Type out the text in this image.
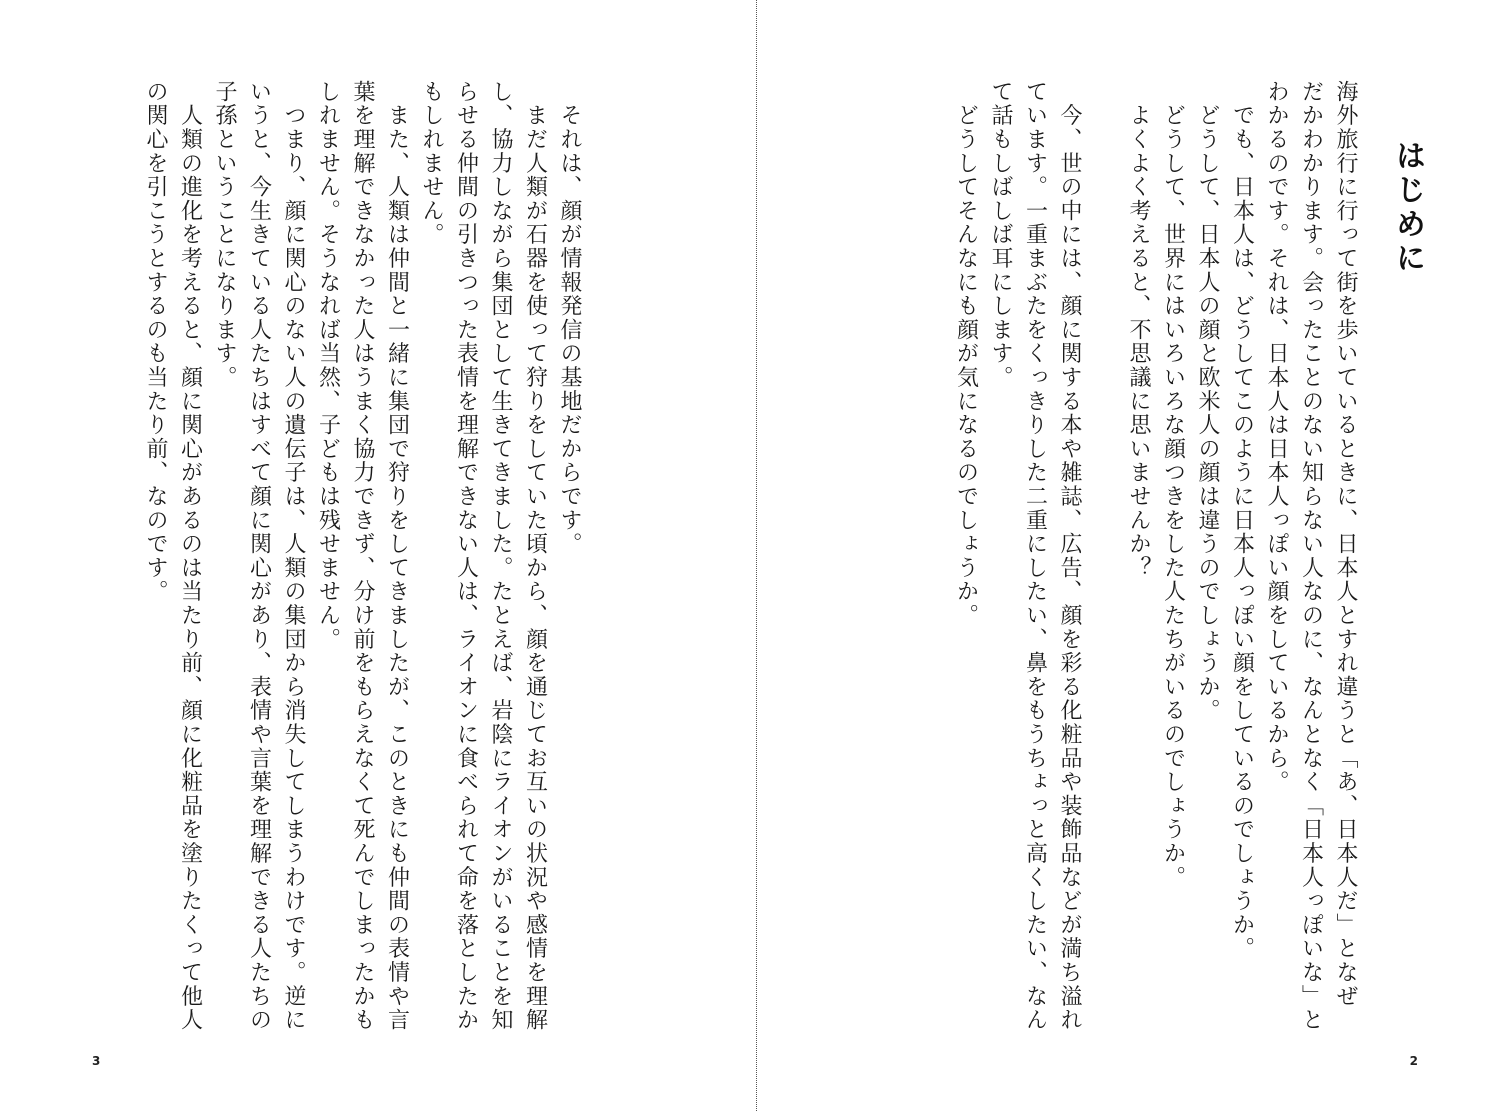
　それは、顔が情報発信の基地だからです。
　まだ人類が石器を使って狩りをしていた頃から、顔を通じてお互いの状況や感情を理解
し、協力しながら集団として生きてきました。たとえば、岩陰にライオンがいることを知
らせる仲間の引きつった表情を理解できない人は、ライオンに食べられて命を落としたか
もしれません。
　また、人類は仲間と一緒に集団で狩りをしてきましたが、このときにも仲間の表情や言
葉を理解できなかった人はうまく協力できず、分け前をもらえなくて死んでしまったかも
しれません。そうなれば当然、子どもは残せません。
　つまり、顔に関心のない人の遺伝子は、人類の集団から消失してしまうわけです。逆に
いうと、今生きている人たちはすべて顔に関心があり、表情や言葉を理解できる人たちの
子孫ということになります。
　人類の進化を考えると、顔に関心があるのは当たり前、顔に化粧品を塗りたくって他人
の関心を引こうとするのも当たり前、なのです。
3
はじめに
海外旅行に行って街を歩いているときに、日本人とすれ違うと「あ、日本人だ」となぜ
だかわかります。会ったことのない知らない人なのに、なんとなく「日本人っぽいな」と
わかるのです。それは、日本人は日本人っぽい顔をしているから。
　でも、日本人は、どうしてこのように日本人っぽい顔をしているのでしょうか。
　どうして、日本人の顔と欧米人の顔は違うのでしょうか。
　どうして、世界にはいろいろな顔つきをした人たちがいるのでしょうか。
　よくよく考えると、不思議に思いませんか？

　今、世の中には、顔に関する本や雑誌、広告、顔を彩る化粧品や装飾品などが満ち溢れ
ています。一重まぶたをくっきりした二重にしたい、鼻をもうちょっと高くしたい、なん
て話もしばしば耳にします。
　どうしてそんなにも顔が気になるのでしょうか。
2
